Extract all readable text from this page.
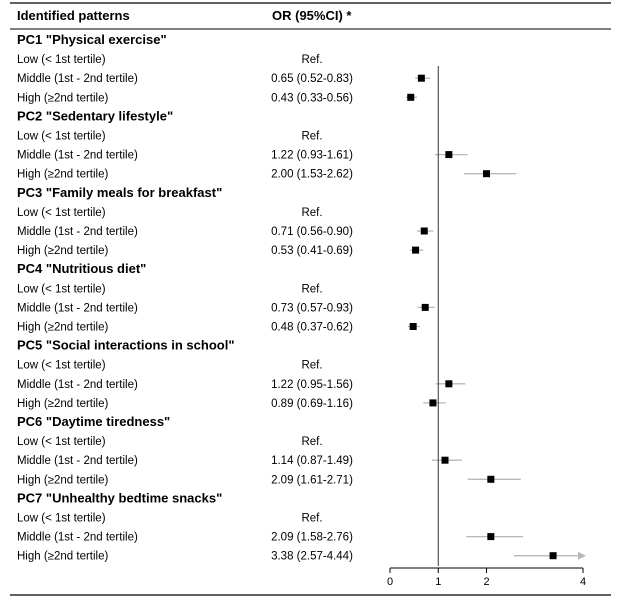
Identified patterns	OR (95%CI) *
PC1 "Physical exercise"
Low (< 1st tertile)	Ref.
Middle (1st - 2nd tertile)	0.65 (0.52-0.83)
High (≥2nd tertile)	0.43 (0.33-0.56)
PC2 "Sedentary lifestyle"
Low (< 1st tertile)	Ref.
Middle (1st - 2nd tertile)	1.22 (0.93-1.61)
High (≥2nd tertile)	2.00 (1.53-2.62)
PC3 "Family meals for breakfast"
Low (< 1st tertile)	Ref.
Middle (1st - 2nd tertile)	0.71 (0.56-0.90)
High (≥2nd tertile)	0.53 (0.41-0.69)
PC4 "Nutritious diet"
Low (< 1st tertile)	Ref.
Middle (1st - 2nd tertile)	0.73 (0.57-0.93)
High (≥2nd tertile)	0.48 (0.37-0.62)
PC5 "Social interactions in school"
Low (< 1st tertile)	Ref.
Middle (1st - 2nd tertile)	1.22 (0.95-1.56)
High (≥2nd tertile)	0.89 (0.69-1.16)
PC6 "Daytime tiredness"
Low (< 1st tertile)	Ref.
Middle (1st - 2nd tertile)	1.14 (0.87-1.49)
High (≥2nd tertile)	2.09 (1.61-2.71)
PC7 "Unhealthy bedtime snacks"
Low (< 1st tertile)	Ref.
Middle (1st - 2nd tertile)	2.09 (1.58-2.76)
High (≥2nd tertile)	3.38 (2.57-4.44)
0	1	2	4
